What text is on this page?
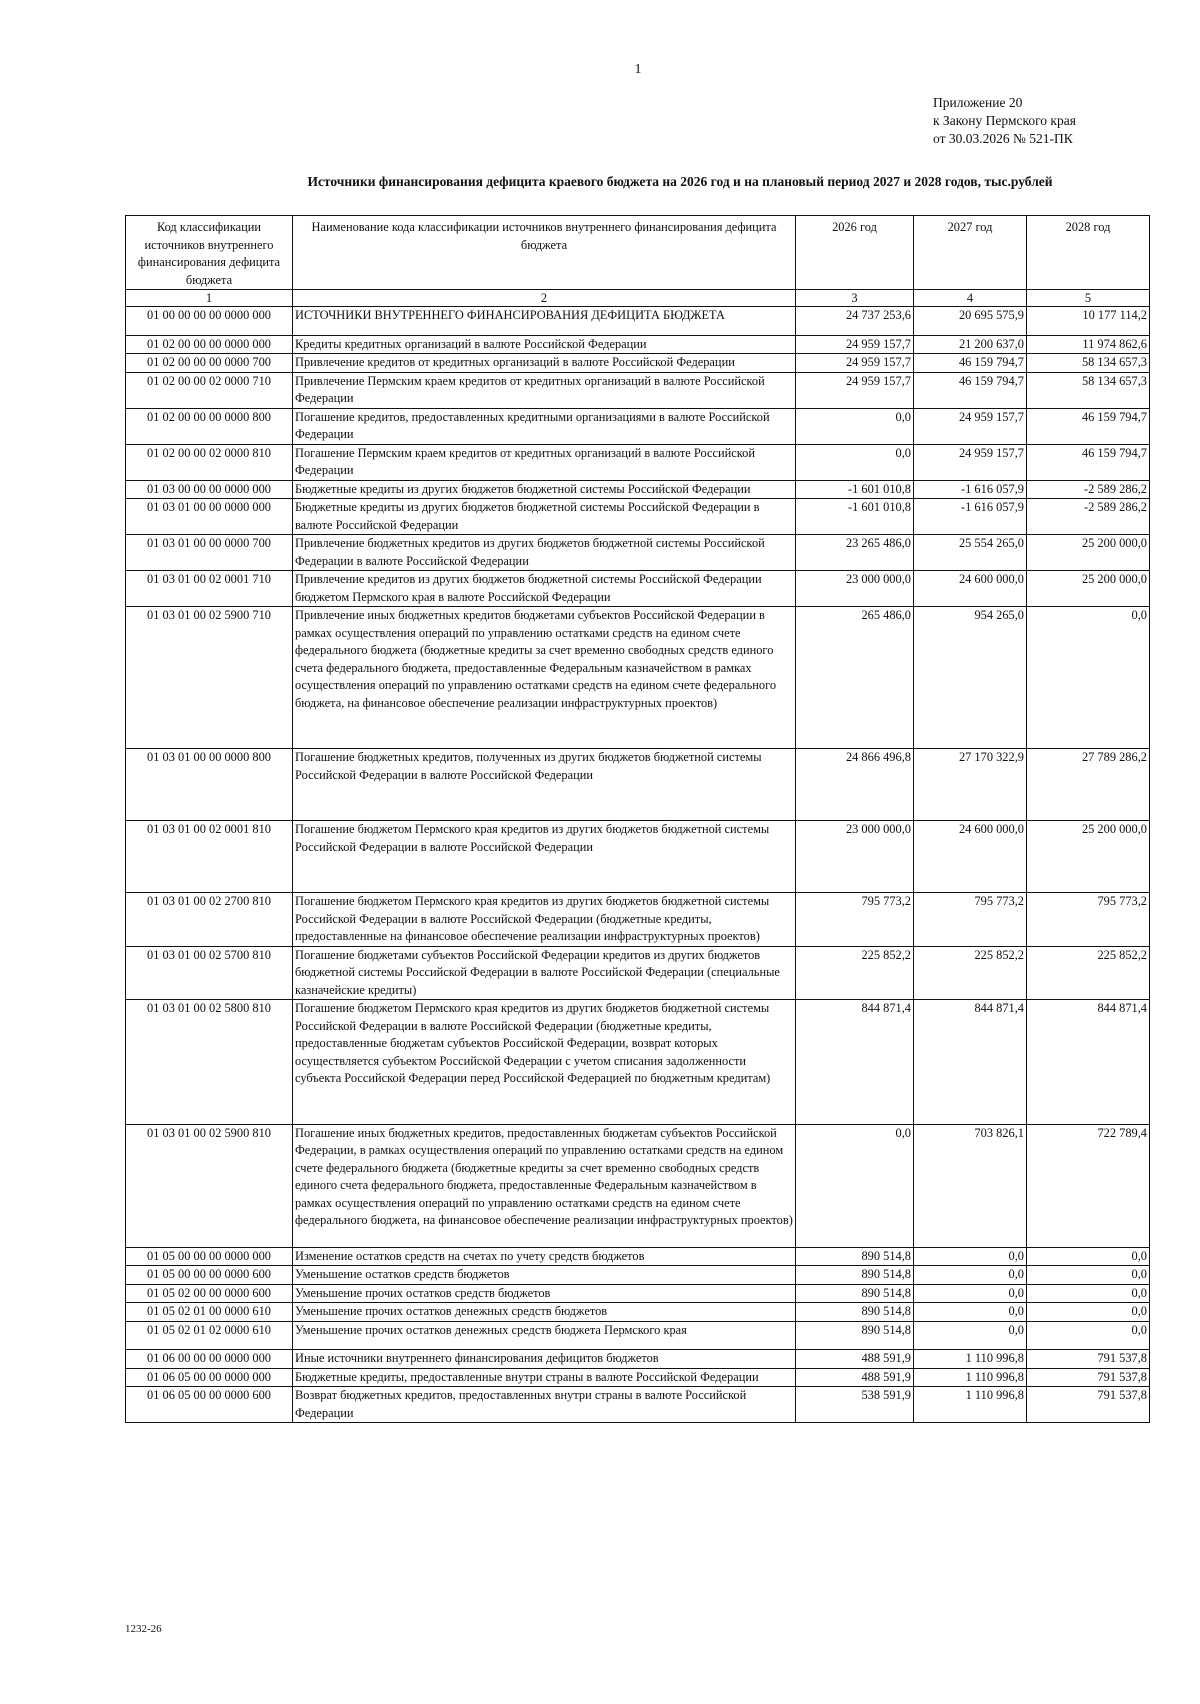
1
Приложение 20
к Закону Пермского края
от 30.03.2026 № 521-ПК
Источники финансирования дефицита краевого бюджета на 2026 год и на плановый период 2027 и 2028 годов, тыс.рублей
Код классификации источников внутреннего финансирования дефицита бюджета	Наименование кода классификации источников внутреннего финансирования дефицита бюджета	2026 год	2027 год	2028 год
1	2	3	4	5
01 00 00 00 00 0000 000	ИСТОЧНИКИ ВНУТРЕННЕГО ФИНАНСИРОВАНИЯ ДЕФИЦИТА БЮДЖЕТА	24 737 253,6	20 695 575,9	10 177 114,2
01 02 00 00 00 0000 000	Кредиты кредитных организаций в валюте Российской Федерации	24 959 157,7	21 200 637,0	11 974 862,6
01 02 00 00 00 0000 700	Привлечение кредитов от кредитных организаций в валюте Российской Федерации	24 959 157,7	46 159 794,7	58 134 657,3
01 02 00 00 02 0000 710	Привлечение Пермским краем кредитов от кредитных организаций в валюте Российской Федерации	24 959 157,7	46 159 794,7	58 134 657,3
01 02 00 00 00 0000 800	Погашение кредитов, предоставленных кредитными организациями в валюте Российской Федерации	0,0	24 959 157,7	46 159 794,7
01 02 00 00 02 0000 810	Погашение Пермским краем кредитов от кредитных организаций в валюте Российской Федерации	0,0	24 959 157,7	46 159 794,7
01 03 00 00 00 0000 000	Бюджетные кредиты из других бюджетов бюджетной системы Российской Федерации	-1 601 010,8	-1 616 057,9	-2 589 286,2
01 03 01 00 00 0000 000	Бюджетные кредиты из других бюджетов бюджетной системы Российской Федерации в валюте Российской Федерации	-1 601 010,8	-1 616 057,9	-2 589 286,2
01 03 01 00 00 0000 700	Привлечение бюджетных кредитов из других бюджетов бюджетной системы Российской Федерации в валюте Российской Федерации	23 265 486,0	25 554 265,0	25 200 000,0
01 03 01 00 02 0001 710	Привлечение кредитов из других бюджетов бюджетной системы Российской Федерации бюджетом Пермского края в валюте Российской Федерации	23 000 000,0	24 600 000,0	25 200 000,0
01 03 01 00 02 5900 710	Привлечение иных бюджетных кредитов бюджетами субъектов Российской Федерации в рамках осуществления операций по управлению остатками средств на едином счете федерального бюджета (бюджетные кредиты за счет временно свободных средств единого счета федерального бюджета, предоставленные Федеральным казначейством в рамках осуществления операций по управлению остатками средств на едином счете федерального бюджета, на финансовое обеспечение реализации инфраструктурных проектов)	265 486,0	954 265,0	0,0
01 03 01 00 00 0000 800	Погашение бюджетных кредитов, полученных из других бюджетов бюджетной системы Российской Федерации в валюте Российской Федерации	24 866 496,8	27 170 322,9	27 789 286,2
01 03 01 00 02 0001 810	Погашение бюджетом Пермского края кредитов из других бюджетов бюджетной системы Российской Федерации в валюте Российской Федерации	23 000 000,0	24 600 000,0	25 200 000,0
01 03 01 00 02 2700 810	Погашение бюджетом Пермского края кредитов из других бюджетов бюджетной системы Российской Федерации в валюте Российской Федерации (бюджетные кредиты, предоставленные на финансовое обеспечение реализации инфраструктурных проектов)	795 773,2	795 773,2	795 773,2
01 03 01 00 02 5700 810	Погашение бюджетами субъектов Российской Федерации кредитов из других бюджетов бюджетной системы Российской Федерации в валюте Российской Федерации (специальные казначейские кредиты)	225 852,2	225 852,2	225 852,2
01 03 01 00 02 5800 810	Погашение бюджетом Пермского края кредитов из других бюджетов бюджетной системы Российской Федерации в валюте Российской Федерации (бюджетные кредиты, предоставленные бюджетам субъектов Российской Федерации, возврат которых осуществляется субъектом Российской Федерации с учетом списания задолженности субъекта Российской Федерации перед Российской Федерацией по бюджетным кредитам)	844 871,4	844 871,4	844 871,4
01 03 01 00 02 5900 810	Погашение иных бюджетных кредитов, предоставленных бюджетам субъектов Российской Федерации, в рамках осуществления операций по управлению остатками средств на едином счете федерального бюджета (бюджетные кредиты за счет временно свободных средств единого счета федерального бюджета, предоставленные Федеральным казначейством в рамках осуществления операций по управлению остатками средств на едином счете федерального бюджета, на финансовое обеспечение реализации инфраструктурных проектов)	0,0	703 826,1	722 789,4
01 05 00 00 00 0000 000	Изменение остатков средств на счетах по учету средств бюджетов	890 514,8	0,0	0,0
01 05 00 00 00 0000 600	Уменьшение остатков средств бюджетов	890 514,8	0,0	0,0
01 05 02 00 00 0000 600	Уменьшение прочих остатков средств бюджетов	890 514,8	0,0	0,0
01 05 02 01 00 0000 610	Уменьшение прочих остатков денежных средств бюджетов	890 514,8	0,0	0,0
01 05 02 01 02 0000 610	Уменьшение прочих остатков денежных средств бюджета Пермского края	890 514,8	0,0	0,0
01 06 00 00 00 0000 000	Иные источники внутреннего финансирования дефицитов бюджетов	488 591,9	1 110 996,8	791 537,8
01 06 05 00 00 0000 000	Бюджетные кредиты, предоставленные внутри страны в валюте Российской Федерации	488 591,9	1 110 996,8	791 537,8
01 06 05 00 00 0000 600	Возврат бюджетных кредитов, предоставленных внутри страны в валюте Российской Федерации	538 591,9	1 110 996,8	791 537,8
1232-26
